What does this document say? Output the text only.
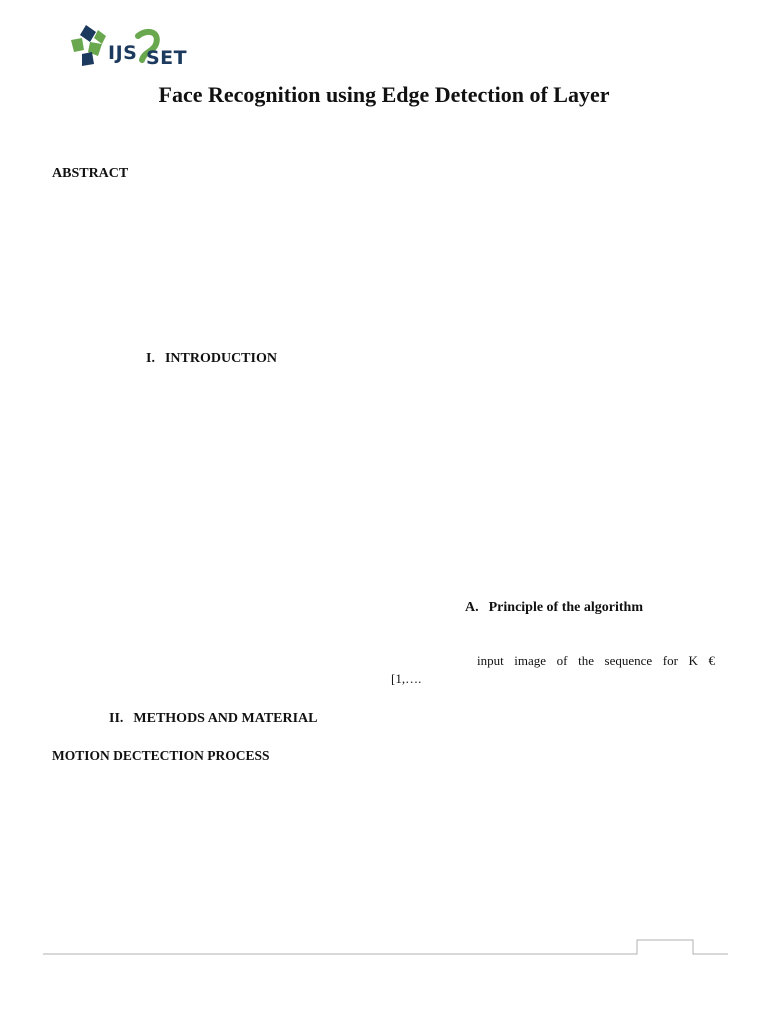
IJS SET
Face Recognition using Edge Detection of Layer
ABSTRACT
I. INTRODUCTION
A. Principle of the algorithm
input image of the sequence for K €
[1,….
II. METHODS AND MATERIAL
MOTION DECTECTION PROCESS
